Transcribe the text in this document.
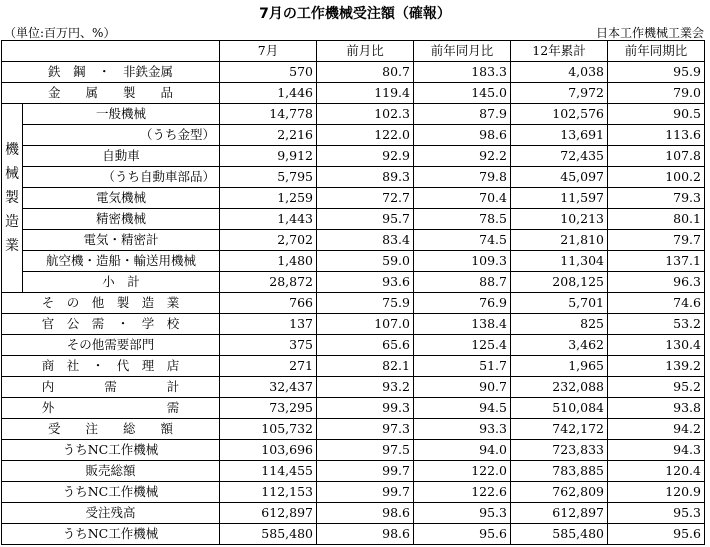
7月の工作機械受注額（確報）
（単位:百万円、%）	日本工作機械工業会
		7月	前月比	前年同月比	12年累計	前年同期比
鉄　鋼　・　非鉄金属		570	80.7	183.3	4,038	95.9
金　　属　　製　　品		1,446	119.4	145.0	7,972	79.0
機械製造業	一般機械	14,778	102.3	87.9	102,576	90.5
	（うち金型）	2,216	122.0	98.6	13,691	113.6
	自動車	9,912	92.9	92.2	72,435	107.8
	（うち自動車部品）	5,795	89.3	79.8	45,097	100.2
	電気機械	1,259	72.7	70.4	11,597	79.3
	精密機械	1,443	95.7	78.5	10,213	80.1
	電気・精密計	2,702	83.4	74.5	21,810	79.7
	航空機・造船・輸送用機械	1,480	59.0	109.3	11,304	137.1
	小　計	28,872	93.6	88.7	208,125	96.3
そ　の　他　製　造　業		766	75.9	76.9	5,701	74.6
官　公　需　・　学　校		137	107.0	138.4	825	53.2
その他需要部門		375	65.6	125.4	3,462	130.4
商　社　・　代　理　店		271	82.1	51.7	1,965	139.2
内　　　　需　　　　計		32,437	93.2	90.7	232,088	95.2
外　　　　　　　　　需		73,295	99.3	94.5	510,084	93.8
受　　注　　総　　額		105,732	97.3	93.3	742,172	94.2
うちNC工作機械		103,696	97.5	94.0	723,833	94.3
販売総額		114,455	99.7	122.0	783,885	120.4
うちNC工作機械		112,153	99.7	122.6	762,809	120.9
受注残高		612,897	98.6	95.3	612,897	95.3
うちNC工作機械		585,480	98.6	95.6	585,480	95.6
